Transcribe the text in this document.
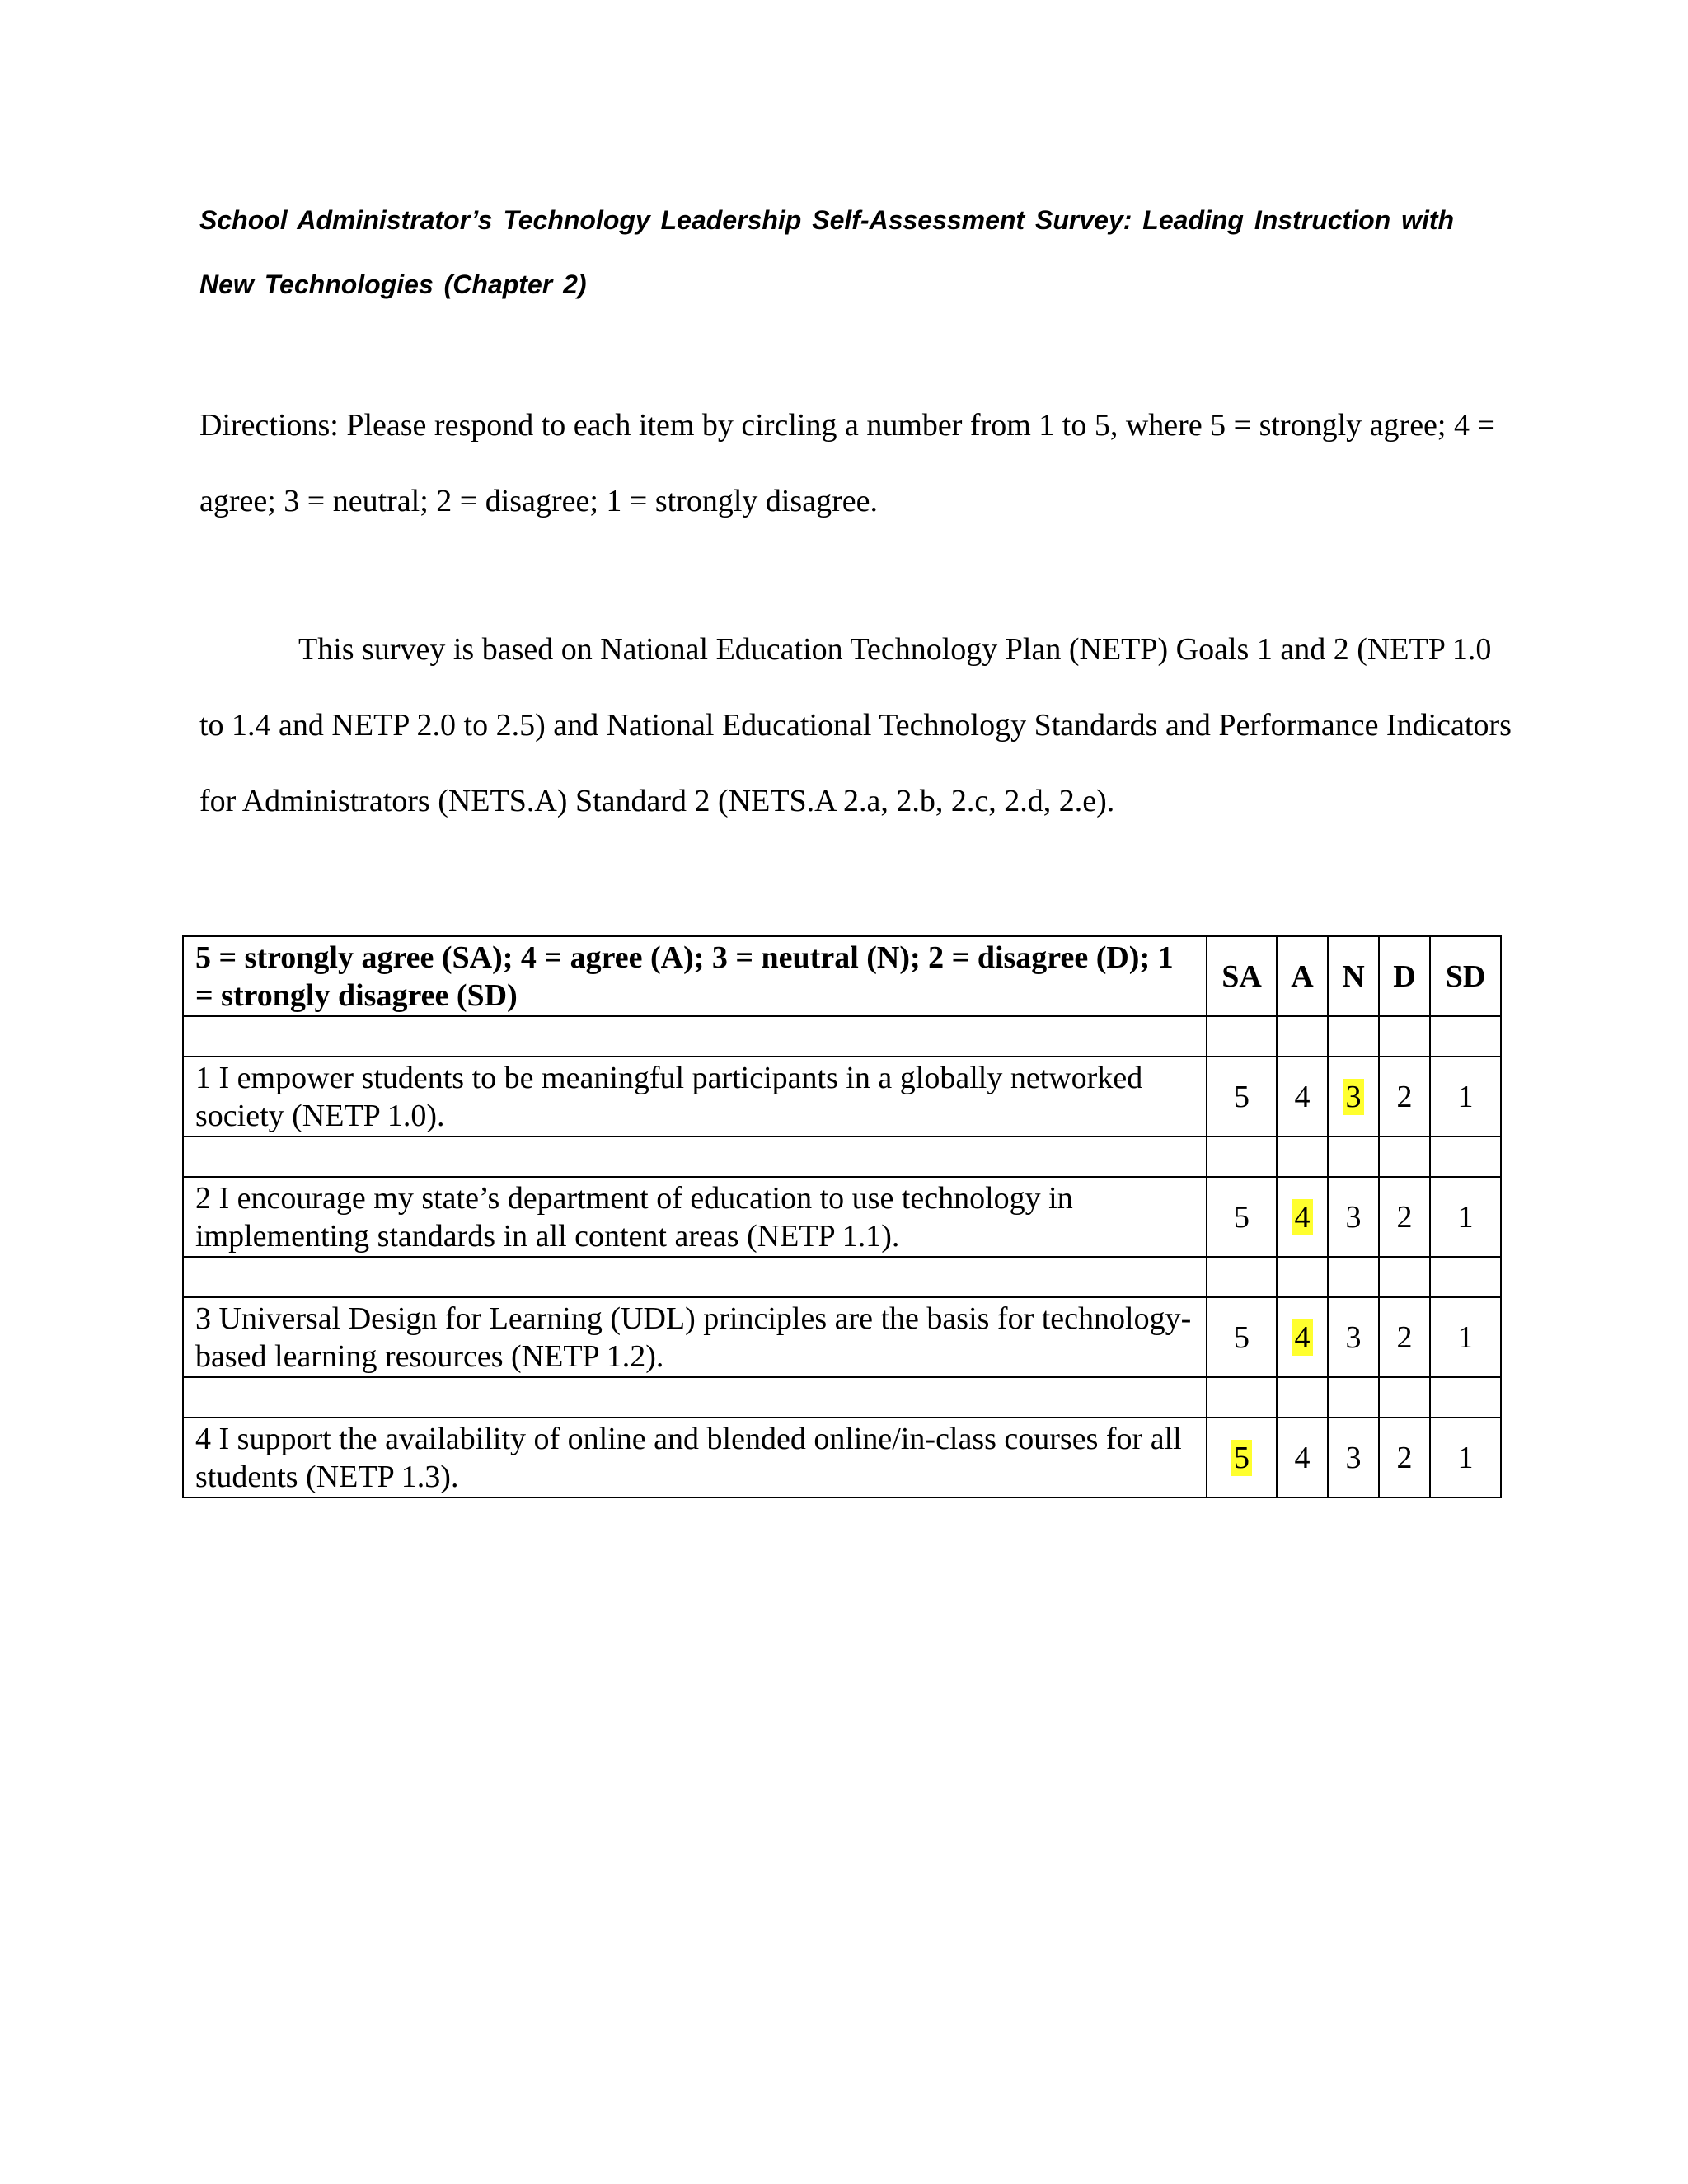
School Administrator’s Technology Leadership Self-Assessment Survey: Leading Instruction with New Technologies (Chapter 2)
Directions: Please respond to each item by circling a number from 1 to 5, where 5 = strongly agree; 4 = agree; 3 = neutral; 2 = disagree; 1 = strongly disagree.
This survey is based on National Education Technology Plan (NETP) Goals 1 and 2 (NETP 1.0 to 1.4 and NETP 2.0 to 2.5) and National Educational Technology Standards and Performance Indicators for Administrators (NETS.A) Standard 2 (NETS.A 2.a, 2.b, 2.c, 2.d, 2.e).
5 = strongly agree (SA); 4 = agree (A); 3 = neutral (N); 2 = disagree (D); 1 = strongly disagree (SD)	SA	A	N	D	SD

1 I empower students to be meaningful participants in a globally networked society (NETP 1.0).	5	4	3	2	1

2 I encourage my state’s department of education to use technology in implementing standards in all content areas (NETP 1.1).	5	4	3	2	1

3 Universal Design for Learning (UDL) principles are the basis for technology-based learning resources (NETP 1.2).	5	4	3	2	1

4 I support the availability of online and blended online/in-class courses for all students (NETP 1.3).	5	4	3	2	1
